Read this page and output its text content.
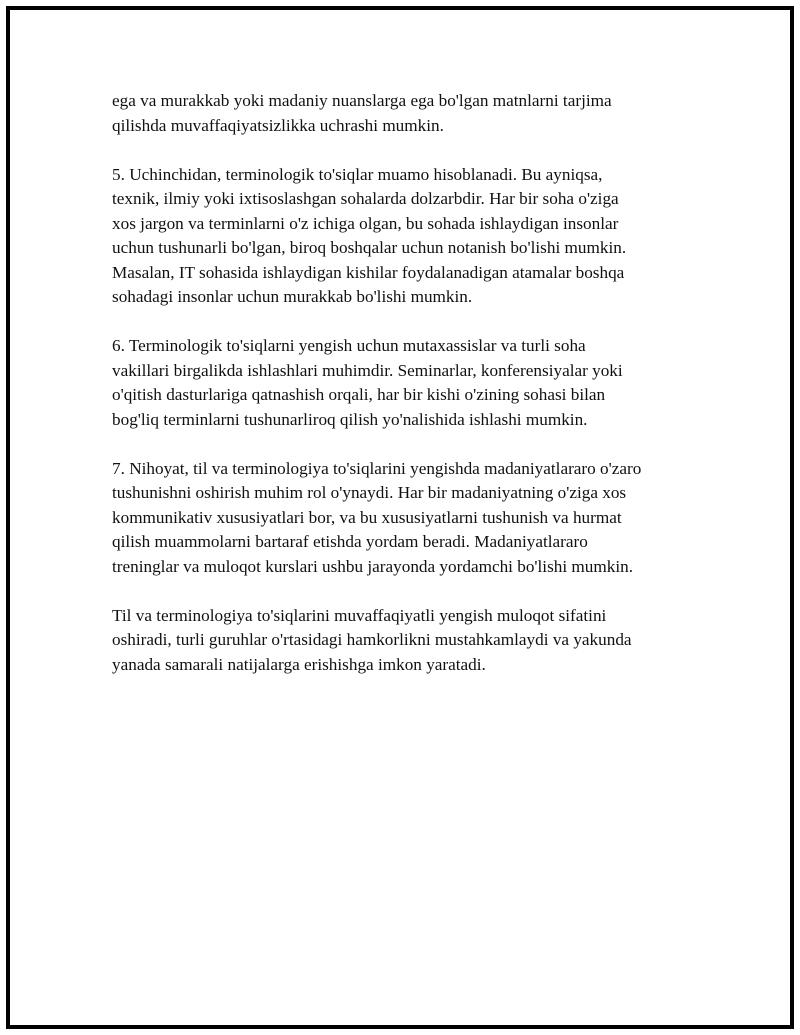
ega va murakkab yoki madaniy nuanslarga ega bo'lgan matnlarni tarjima
qilishda muvaffaqiyatsizlikka uchrashi mumkin.

5. Uchinchidan, terminologik to'siqlar muamo hisoblanadi. Bu ayniqsa,
texnik, ilmiy yoki ixtisoslashgan sohalarda dolzarbdir. Har bir soha o'ziga
xos jargon va terminlarni o'z ichiga olgan, bu sohada ishlaydigan insonlar
uchun tushunarli bo'lgan, biroq boshqalar uchun notanish bo'lishi mumkin.
Masalan, IT sohasida ishlaydigan kishilar foydalanadigan atamalar boshqa
sohadagi insonlar uchun murakkab bo'lishi mumkin.

6. Terminologik to'siqlarni yengish uchun mutaxassislar va turli soha
vakillari birgalikda ishlashlari muhimdir. Seminarlar, konferensiyalar yoki
o'qitish dasturlariga qatnashish orqali, har bir kishi o'zining sohasi bilan
bog'liq terminlarni tushunarliroq qilish yo'nalishida ishlashi mumkin.

7. Nihoyat, til va terminologiya to'siqlarini yengishda madaniyatlararo o'zaro
tushunishni oshirish muhim rol o'ynaydi. Har bir madaniyatning o'ziga xos
kommunikativ xususiyatlari bor, va bu xususiyatlarni tushunish va hurmat
qilish muammolarni bartaraf etishda yordam beradi. Madaniyatlararo
treninglar va muloqot kurslari ushbu jarayonda yordamchi bo'lishi mumkin.

Til va terminologiya to'siqlarini muvaffaqiyatli yengish muloqot sifatini
oshiradi, turli guruhlar o'rtasidagi hamkorlikni mustahkamlaydi va yakunda
yanada samarali natijalarga erishishga imkon yaratadi.
